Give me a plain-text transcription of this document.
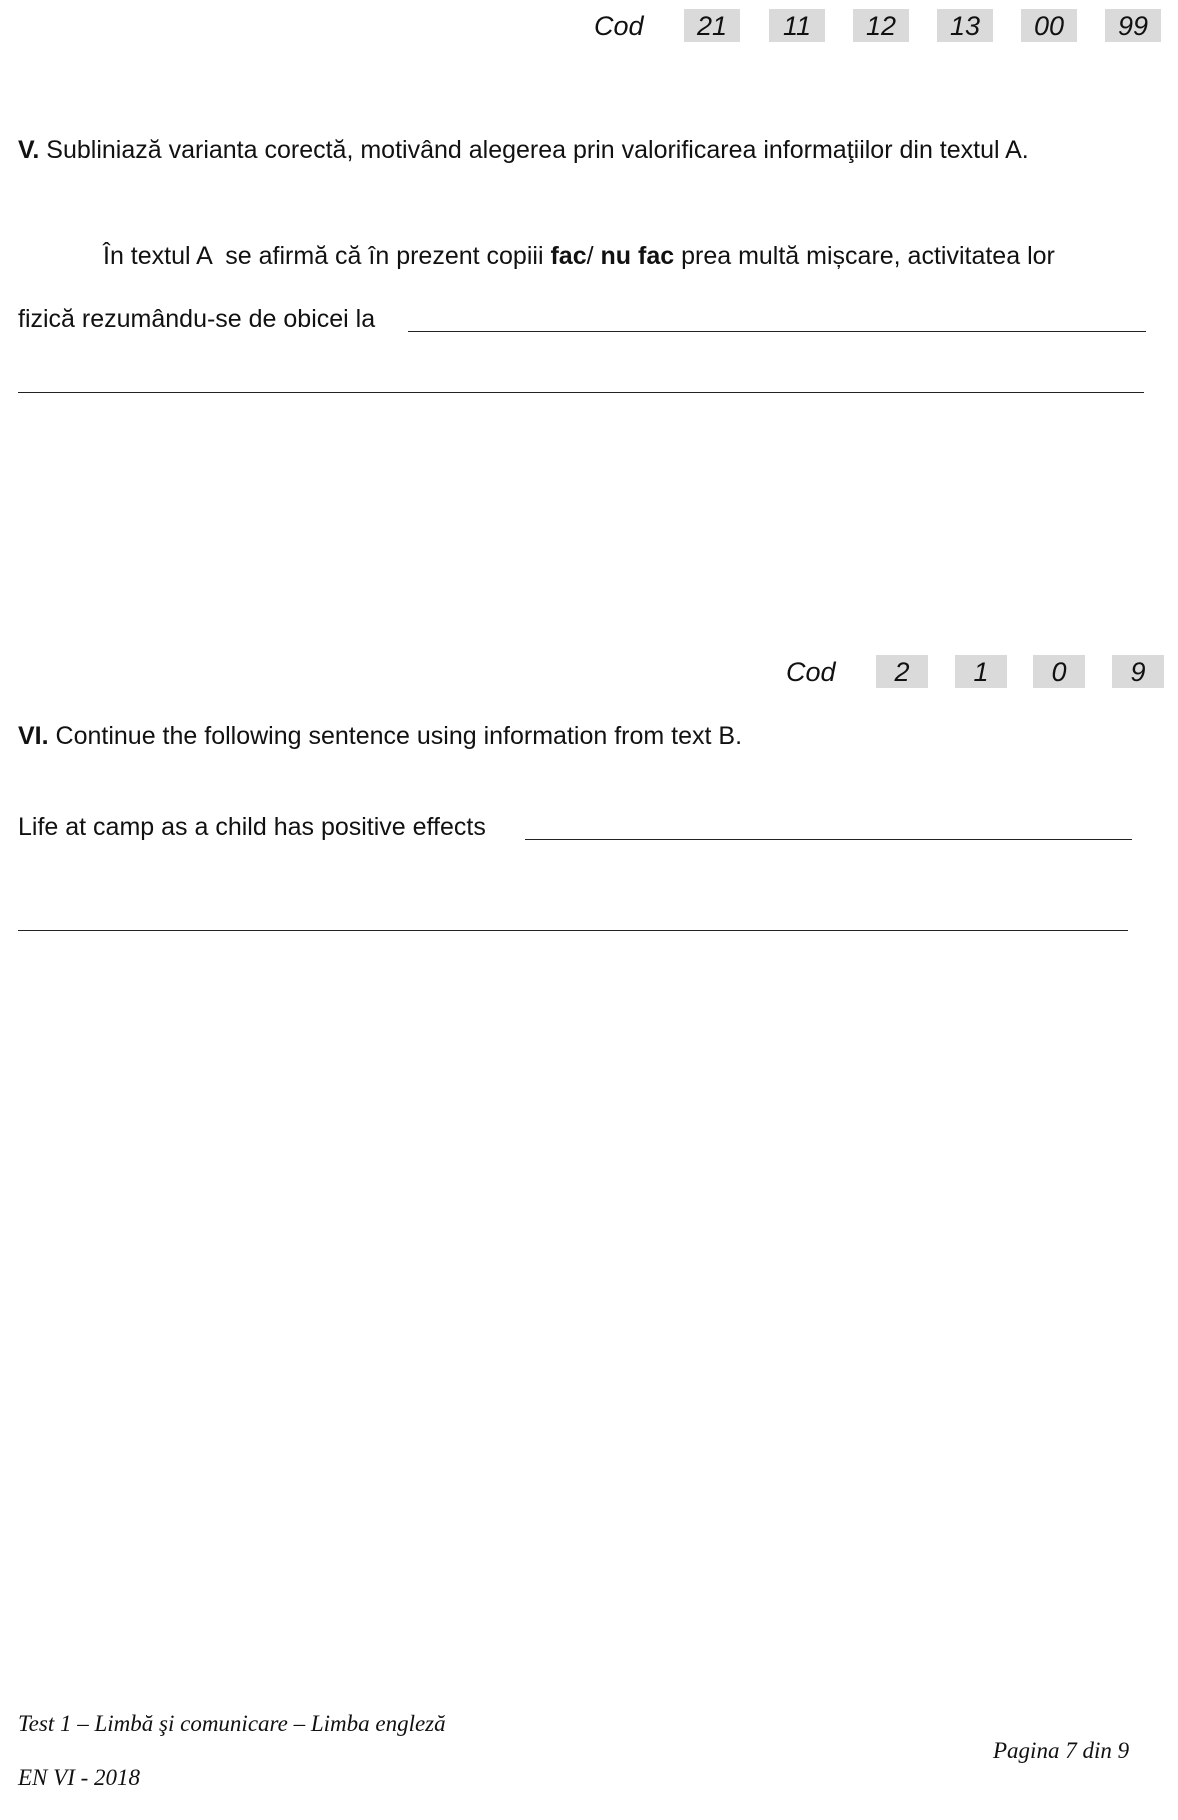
Cod	21	11	12	13	00	99
V. Subliniază varianta corectă, motivând alegerea prin valorificarea informaţiilor din textul A.
În textul A  se afirmă că în prezent copiii fac/ nu fac prea multă mișcare, activitatea lor
fizică rezumându-se de obicei la
Cod	2	1	0	9
VI. Continue the following sentence using information from text B.
Life at camp as a child has positive effects
Test 1 – Limbă şi comunicare – Limba engleză
EN VI - 2018
Pagina 7 din 9
